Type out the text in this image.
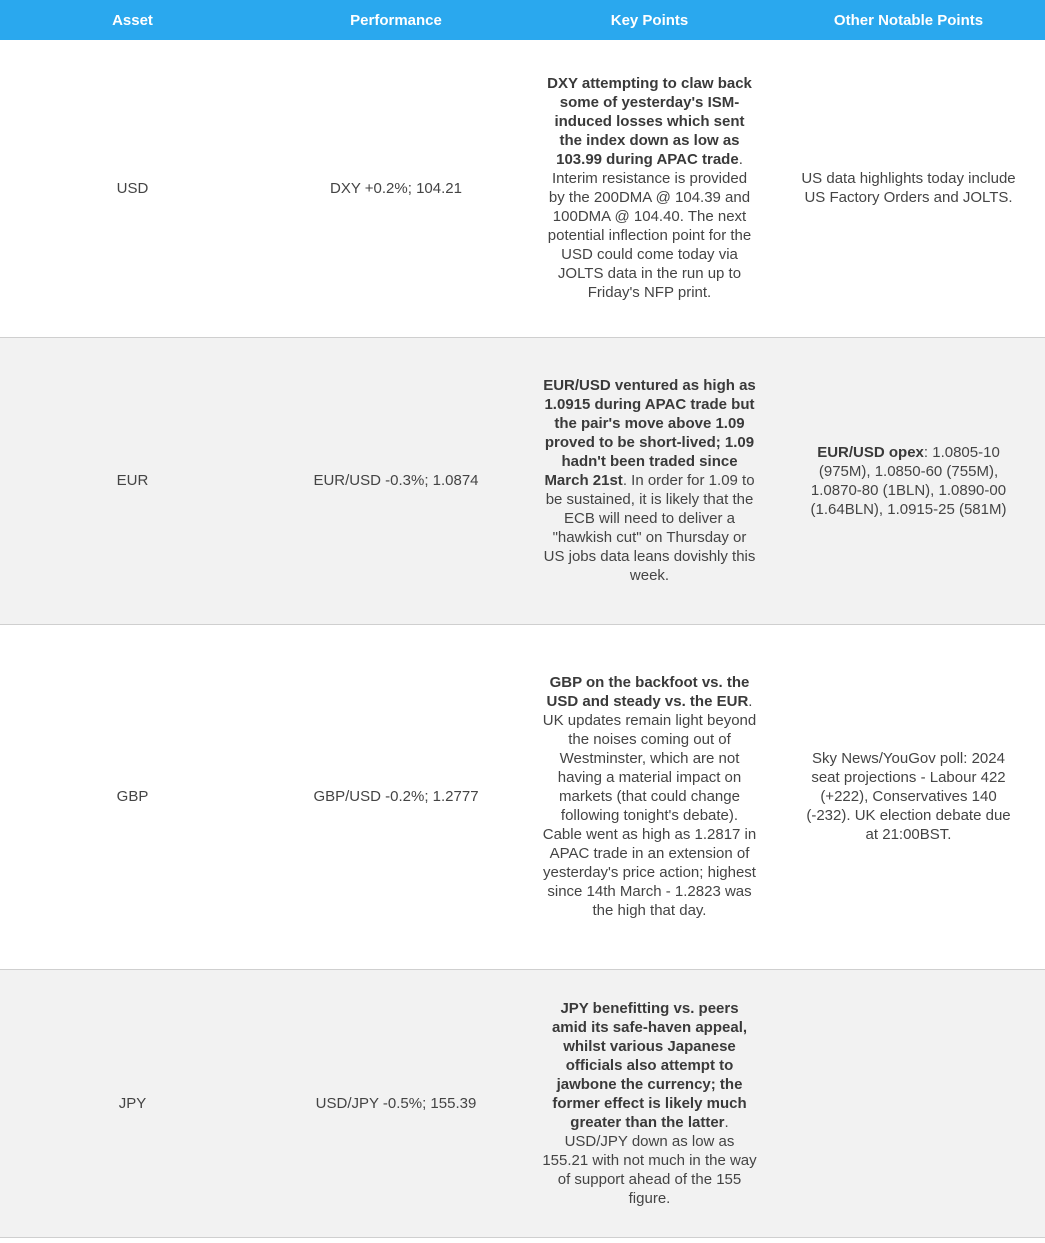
Asset	Performance	Key Points	Other Notable Points
USD	DXY +0.2%; 104.21	DXY attempting to claw back some of yesterday's ISM-induced losses which sent the index down as low as 103.99 during APAC trade. Interim resistance is provided by the 200DMA @ 104.39 and 100DMA @ 104.40. The next potential inflection point for the USD could come today via JOLTS data in the run up to Friday's NFP print.	US data highlights today include US Factory Orders and JOLTS.

EUR	EUR/USD -0.3%; 1.0874	EUR/USD ventured as high as 1.0915 during APAC trade but the pair's move above 1.09 proved to be short-lived; 1.09 hadn't been traded since March 21st. In order for 1.09 to be sustained, it is likely that the ECB will need to deliver a "hawkish cut" on Thursday or US jobs data leans dovishly this week.	EUR/USD opex: 1.0805-10 (975M), 1.0850-60 (755M), 1.0870-80 (1BLN), 1.0890-00 (1.64BLN), 1.0915-25 (581M)

GBP	GBP/USD -0.2%; 1.2777	GBP on the backfoot vs. the USD and steady vs. the EUR. UK updates remain light beyond the noises coming out of Westminster, which are not having a material impact on markets (that could change following tonight's debate). Cable went as high as 1.2817 in APAC trade in an extension of yesterday's price action; highest since 14th March - 1.2823 was the high that day.	Sky News/YouGov poll: 2024 seat projections - Labour 422 (+222), Conservatives 140 (-232). UK election debate due at 21:00BST.

JPY	USD/JPY -0.5%; 155.39	JPY benefitting vs. peers amid its safe-haven appeal, whilst various Japanese officials also attempt to jawbone the currency; the former effect is likely much greater than the latter. USD/JPY down as low as 155.21 with not much in the way of support ahead of the 155 figure.	
